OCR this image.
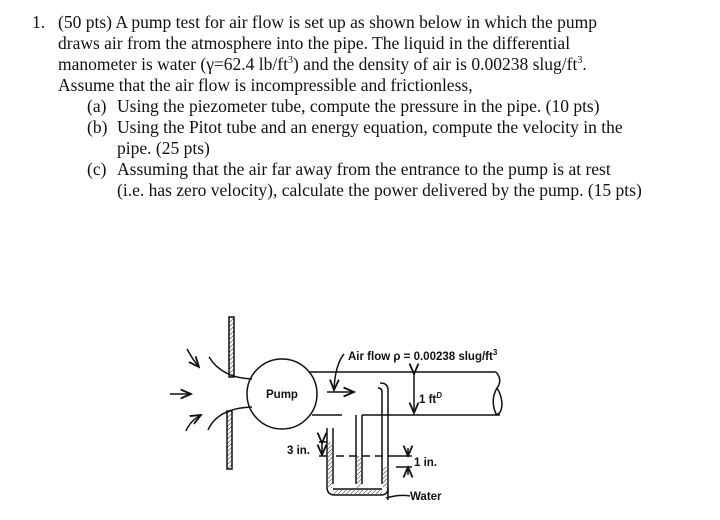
1. (50 pts) A pump test for air flow is set up as shown below in which the pump
draws air from the atmosphere into the pipe. The liquid in the differential
manometer is water (γ=62.4 $lb/ft^3$) and the density of air is 0.00238 slug/$ft^3$.
Assume that the air flow is incompressible and frictionless,
(a) Using the piezometer tube, compute the pressure in the pipe. (10 pts)
(b) Using the Pitot tube and an energy equation, compute the velocity in the
pipe. (25 pts)
(c) Assuming that the air far away from the entrance to the pump is at rest
(i.e. has zero velocity), calculate the power delivered by the pump. (15 pts)
Pump
Air flow ρ = 0.00238 slug/$ft^3$
1 $ft^D$
3 in.
1 in.
Water
